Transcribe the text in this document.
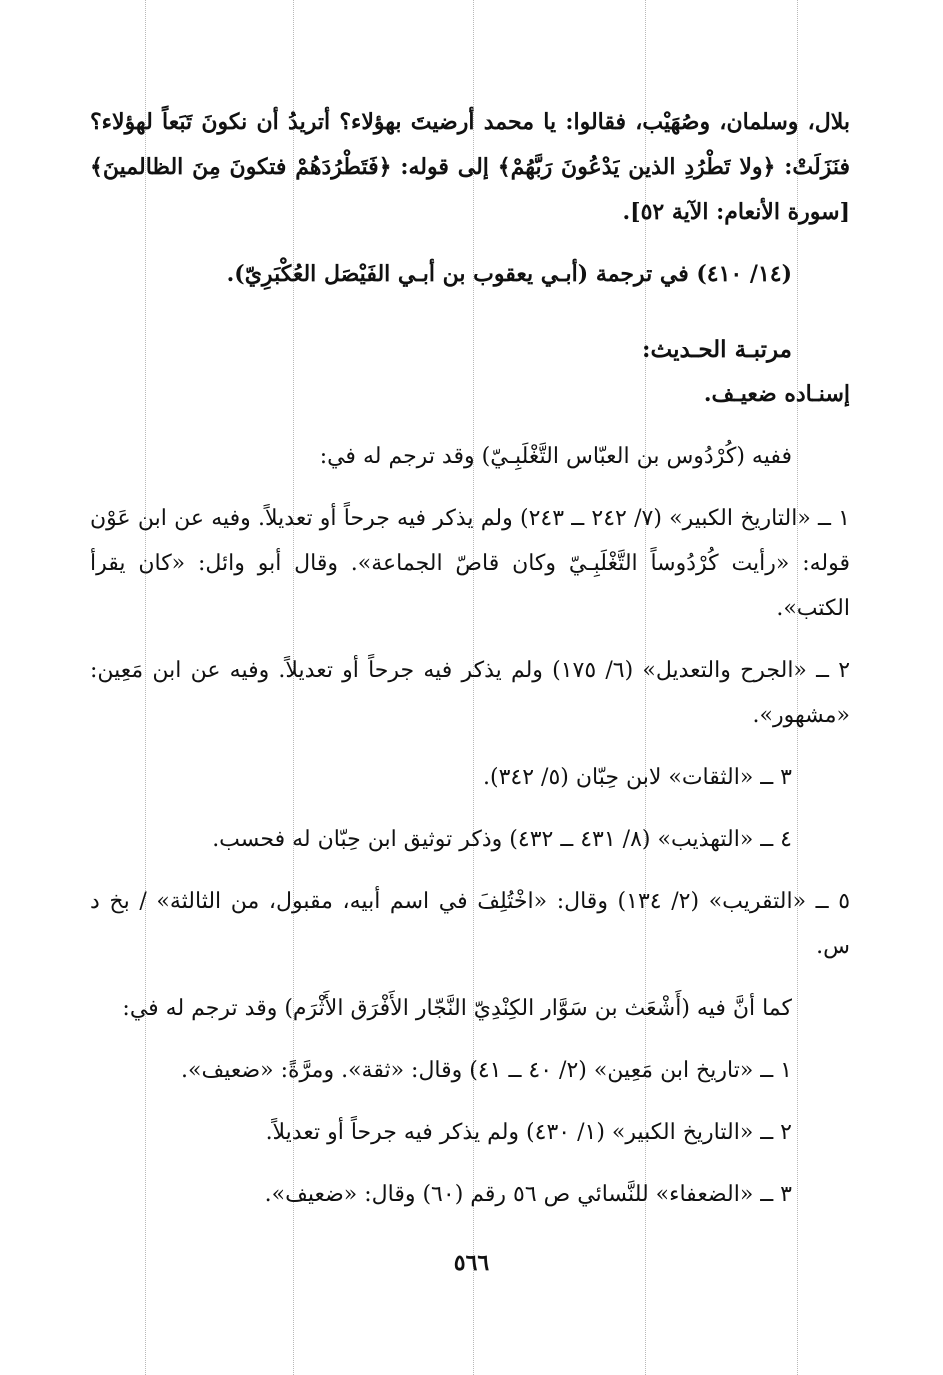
بلال، وسلمان، وصُهَيْب، فقالوا: يا محمد أرضيتَ بهؤلاء؟ أتريدُ أن نكونَ تَبَعاً لهؤلاء؟ فنَزَلَتْ: ﴿ولا تَطْرُدِ الذين يَدْعُونَ رَبَّهُمْ﴾ إلى قوله: ﴿فَتَطْرُدَهُمْ فتكونَ مِنَ الظالمينَ﴾ [سورة الأنعام: الآية ٥٢].

(١٤/ ٤١٠) في ترجمة (أبـي يعقوب بن أبـي الفَيْصَل العُكْبَرِيّ).

مرتبـة الحـديث:

إسنـاده ضعيـف.

ففيه (كُرْدُوس بن العبّاس التَّغْلَبِـيّ) وقد ترجم له في:

١ ــ «التاريخ الكبير» (٧/ ٢٤٢ ــ ٢٤٣) ولم يذكر فيه جرحاً أو تعديلاً. وفيه عن ابن عَوْن قوله: «رأيت كُرْدُوساً التَّغْلَبِـيّ وكان قاصّ الجماعة». وقال أبو وائل: «كان يقرأ الكتب».

٢ ــ «الجرح والتعديل» (٦/ ١٧٥) ولم يذكر فيه جرحاً أو تعديلاً. وفيه عن ابن مَعِين: «مشهور».

٣ ــ «الثقات» لابن حِبّان (٥/ ٣٤٢).

٤ ــ «التهذيب» (٨/ ٤٣١ ــ ٤٣٢) وذكر توثيق ابن حِبّان له فحسب.

٥ ــ «التقريب» (٢/ ١٣٤) وقال: «اخْتُلِفَ في اسم أبيه، مقبول، من الثالثة» / بخ د س.

كما أنَّ فيه (أَشْعَث بن سَوَّار الكِنْدِيّ النَّجّار الأَفْرَق الأَثْرَم) وقد ترجم له في:

١ ــ «تاريخ ابن مَعِين» (٢/ ٤٠ ــ ٤١) وقال: «ثقة». ومرَّةً: «ضعيف».

٢ ــ «التاريخ الكبير» (١/ ٤٣٠) ولم يذكر فيه جرحاً أو تعديلاً.

٣ ــ «الضعفاء» للنَّسائي ص ٥٦ رقم (٦٠) وقال: «ضعيف».

٥٦٦
